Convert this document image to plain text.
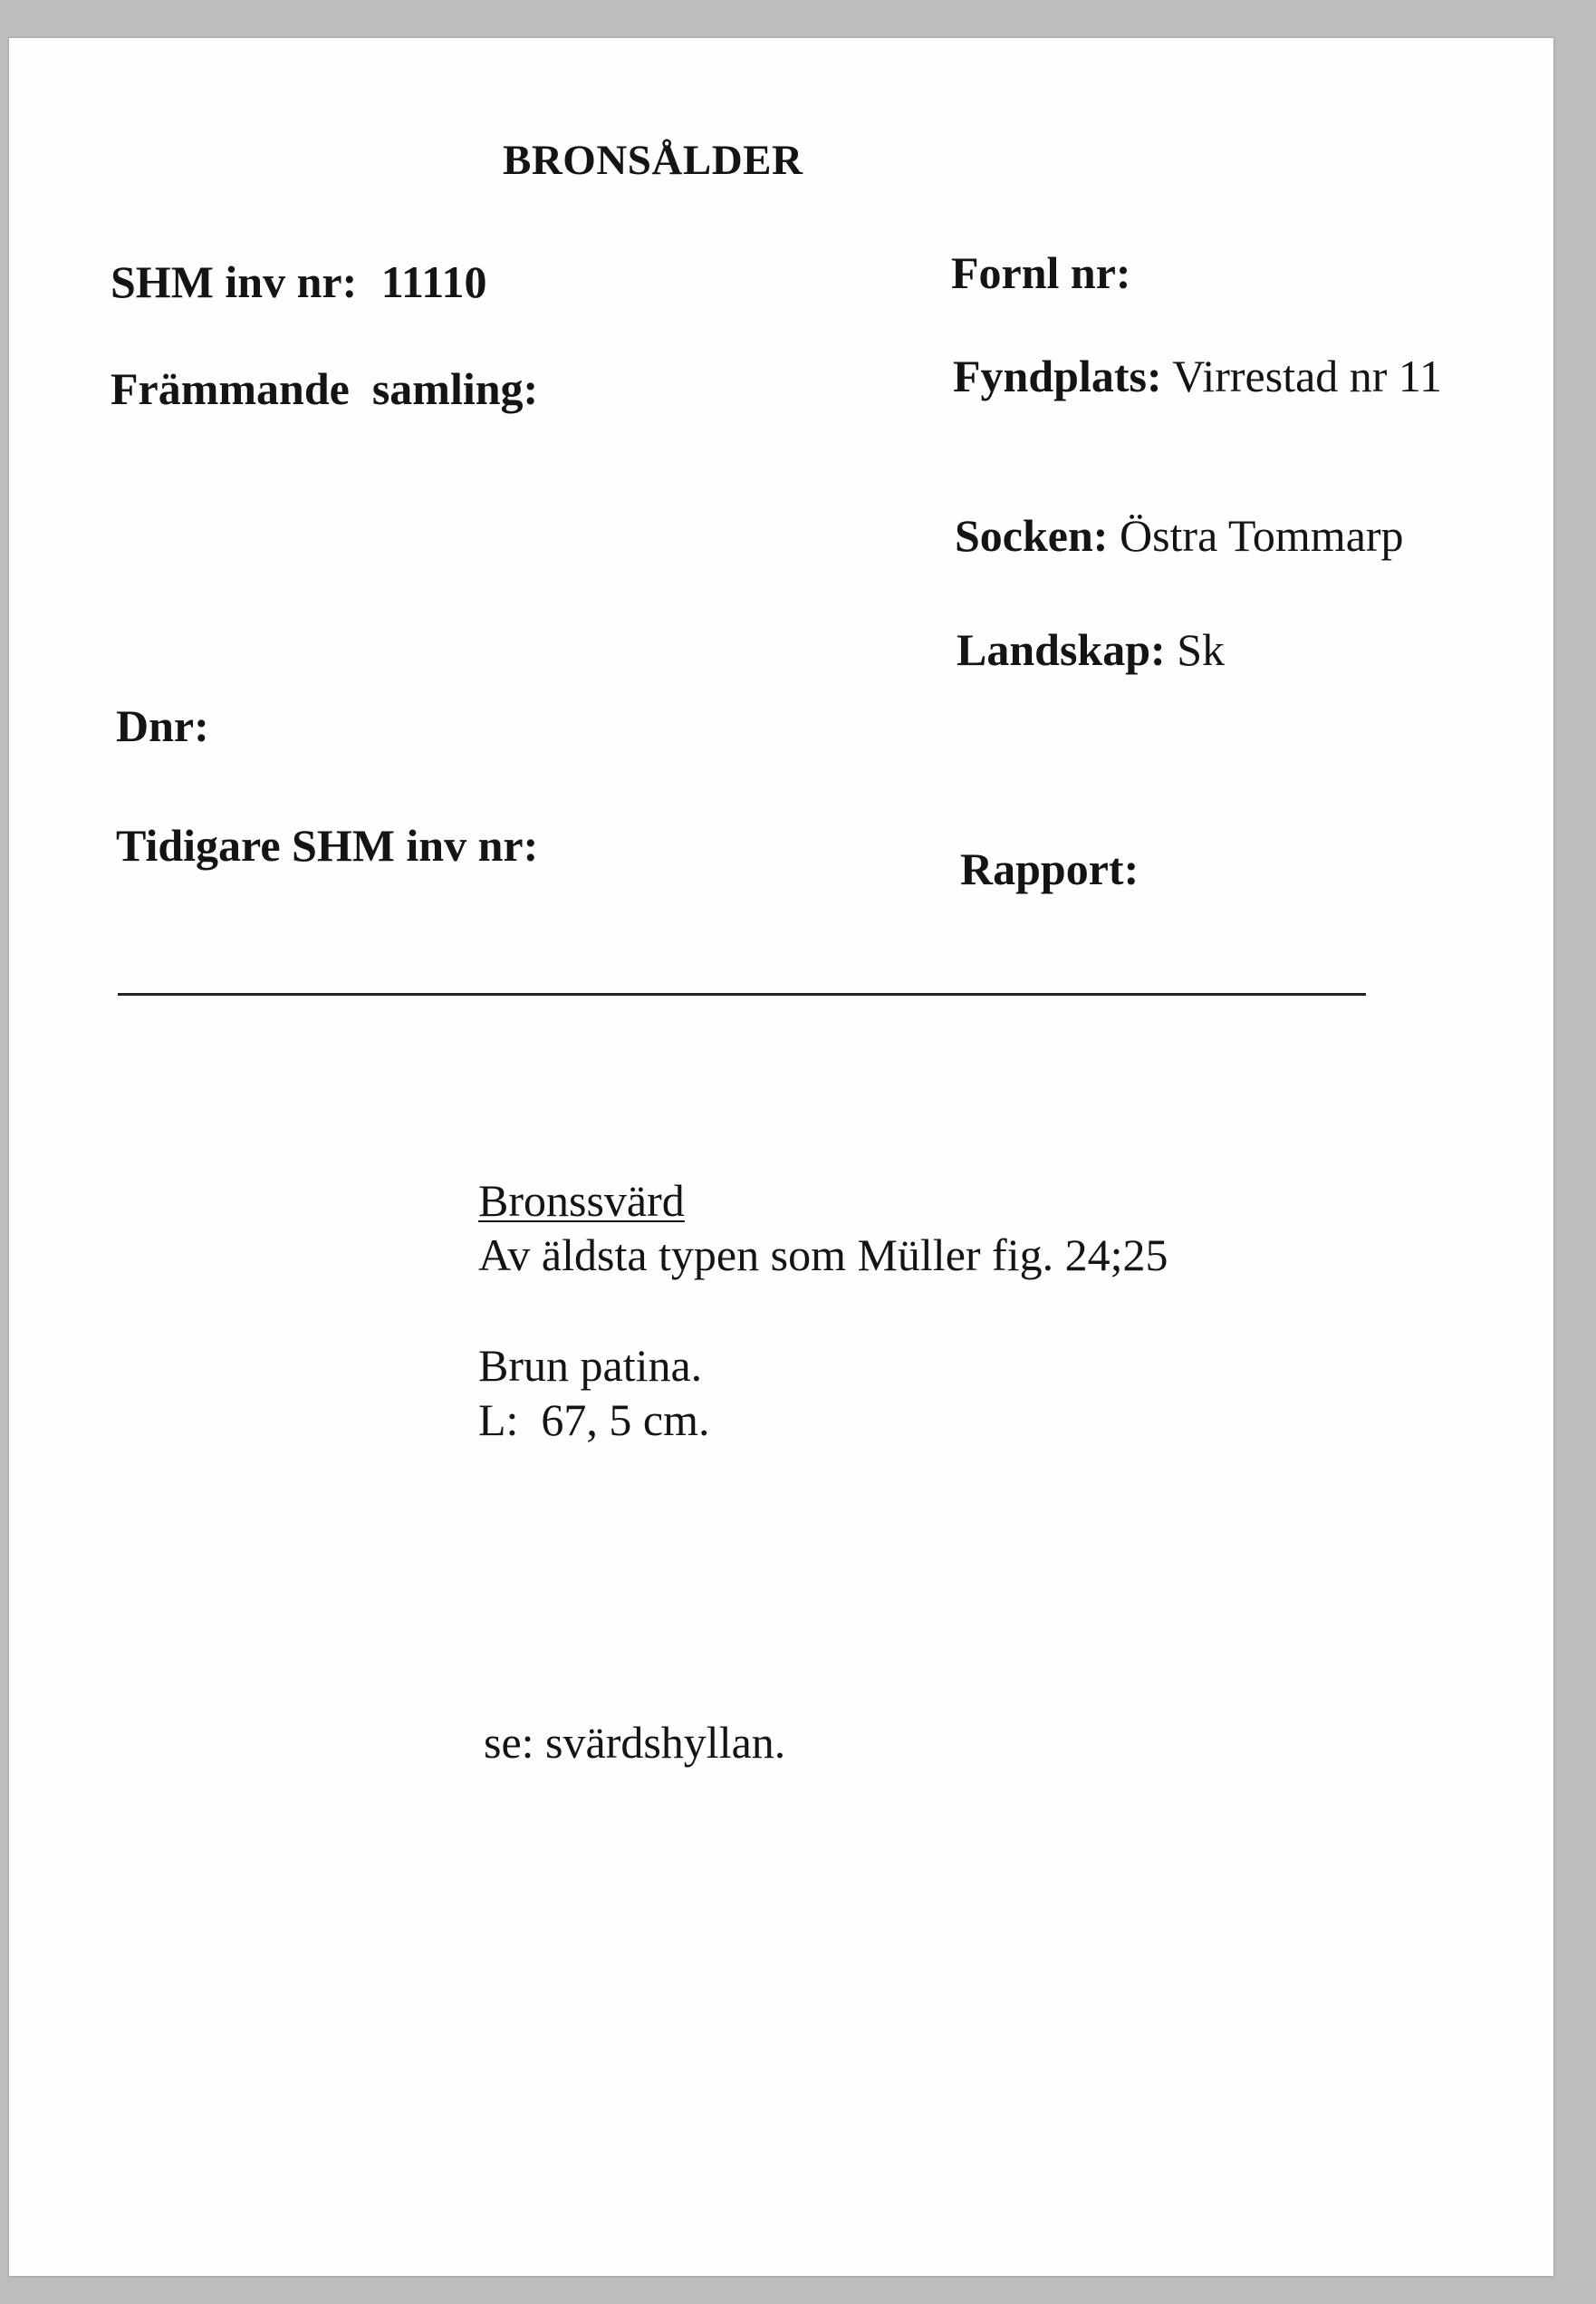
BRONSÅLDER
SHM inv nr: 11110
Främmande  samling:
Dnr:
Tidigare SHM inv nr:
Fornl nr:
Fyndplats: Virrestad nr 11
Socken: Östra Tommarp
Landskap: Sk
Rapport:
Bronssvärd
Av äldsta typen som Müller fig. 24;25
Brun patina.
L:  67, 5 cm.
se: svärdshyllan.
